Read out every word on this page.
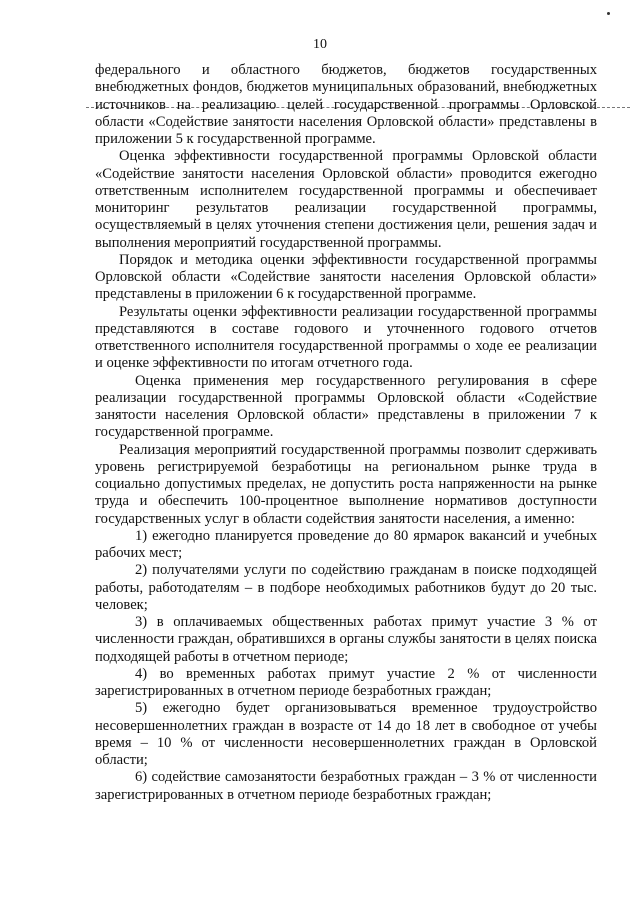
10

федерального и областного бюджетов, бюджетов государственных внебюджетных фондов, бюджетов муниципальных образований, внебюджетных источников на реализацию целей государственной программы Орловской области «Содействие занятости населения Орловской области» представлены в приложении 5 к государственной программе.

Оценка эффективности государственной программы Орловской области «Содействие занятости населения Орловской области» проводится ежегодно ответственным исполнителем государственной программы и обеспечивает мониторинг результатов реализации государственной программы, осуществляемый в целях уточнения степени достижения цели, решения задач и выполнения мероприятий государственной программы.

Порядок и методика оценки эффективности государственной программы Орловской области «Содействие занятости населения Орловской области» представлены в приложении 6 к государственной программе.

Результаты оценки эффективности реализации государственной программы представляются в составе годового и уточненного годового отчетов ответственного исполнителя государственной программы о ходе ее реализации и оценке эффективности по итогам отчетного года.

Оценка применения мер государственного регулирования в сфере реализации государственной программы Орловской области «Содействие занятости населения Орловской области» представлены в приложении 7 к государственной программе.

Реализация мероприятий государственной программы позволит сдерживать уровень регистрируемой безработицы на региональном рынке труда в социально допустимых пределах, не допустить роста напряженности на рынке труда и обеспечить 100-процентное выполнение нормативов доступности государственных услуг в области содействия занятости населения, а именно:

1) ежегодно планируется проведение до 80 ярмарок вакансий и учебных рабочих мест;

2) получателями услуги по содействию гражданам в поиске подходящей работы, работодателям – в подборе необходимых работников будут до 20 тыс. человек;

3) в оплачиваемых общественных работах примут участие 3 % от численности граждан, обратившихся в органы службы занятости в целях поиска подходящей работы в отчетном периоде;

4) во временных работах примут участие 2 % от численности зарегистрированных в отчетном периоде безработных граждан;

5) ежегодно будет организовываться временное трудоустройство несовершеннолетних граждан в возрасте от 14 до 18 лет в свободное от учебы время – 10 % от численности несовершеннолетних граждан в Орловской области;

6) содействие самозанятости безработных граждан – 3 % от численности зарегистрированных в отчетном периоде безработных граждан;
